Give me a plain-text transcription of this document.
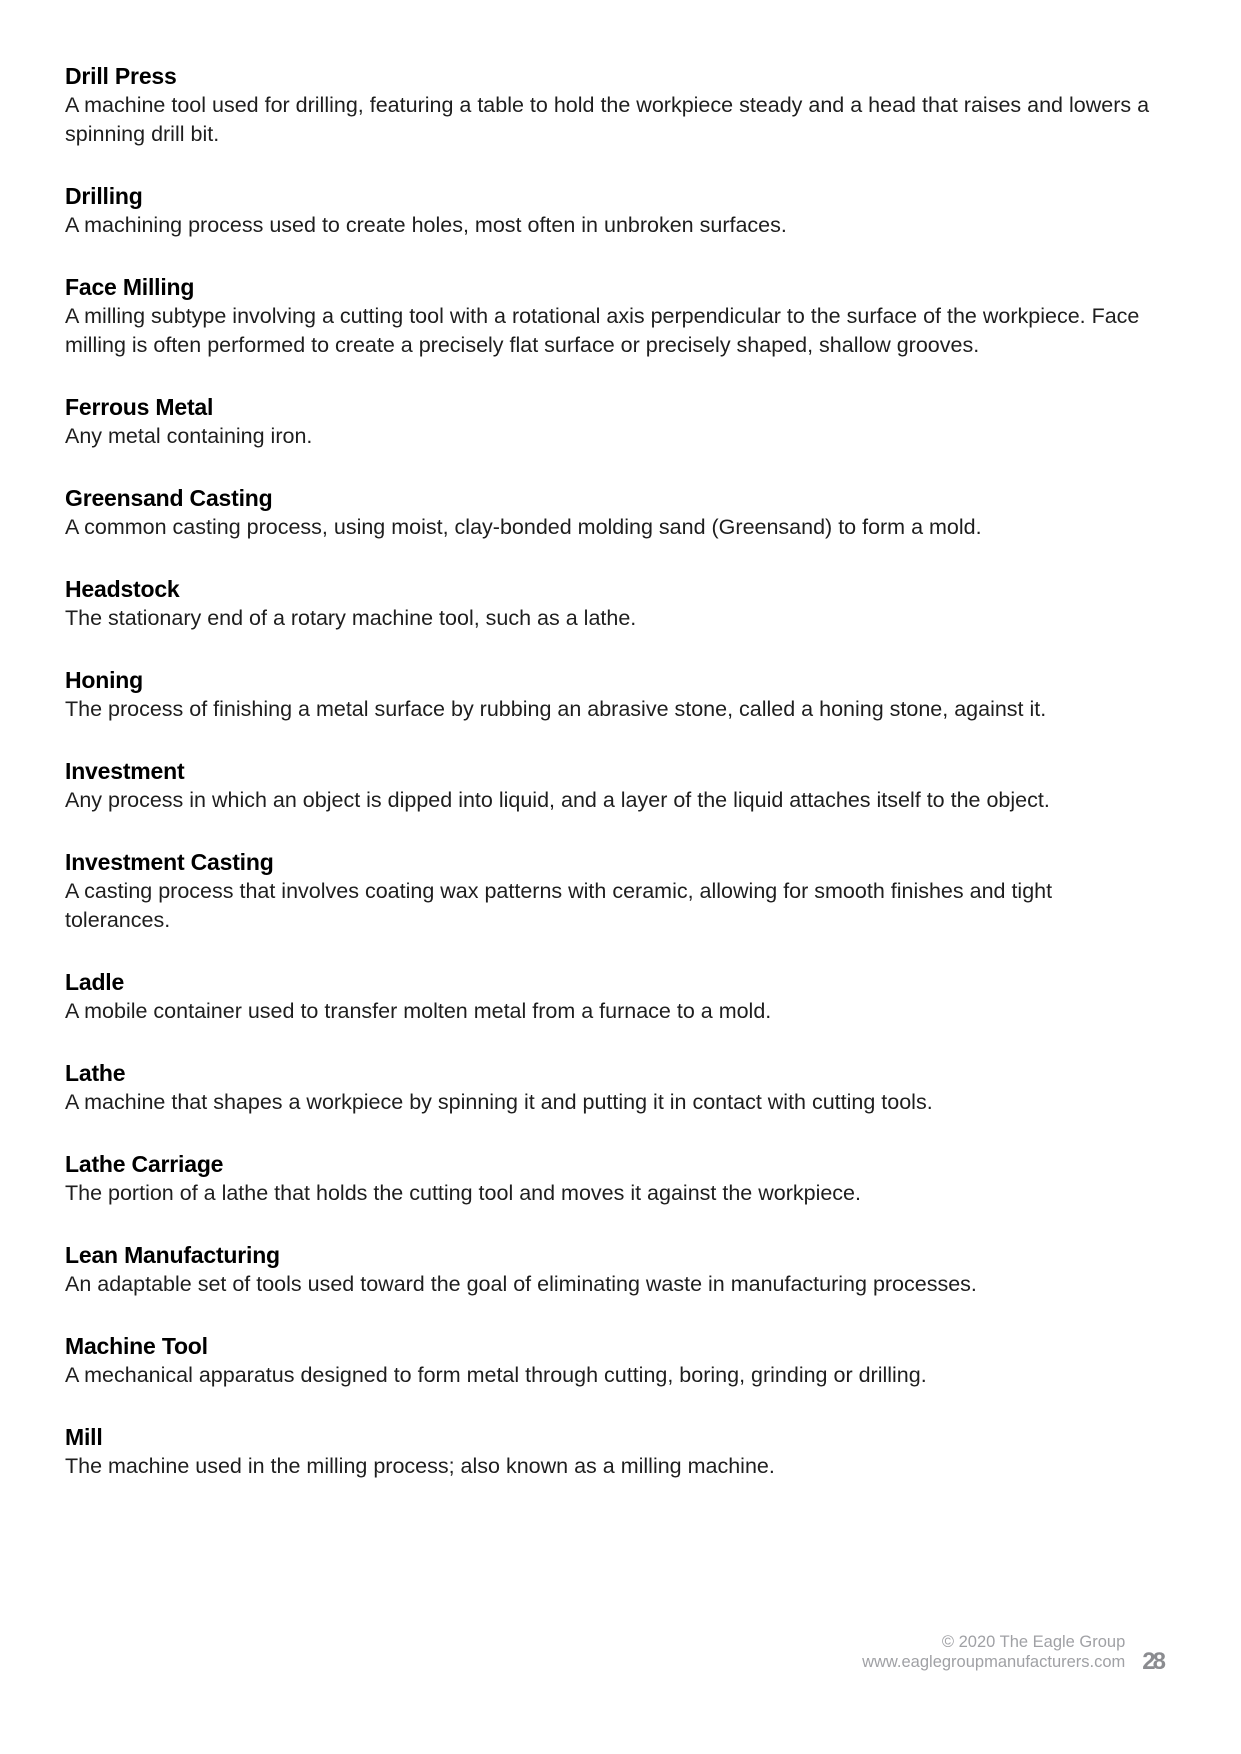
Drill Press

A machine tool used for drilling, featuring a table to hold the workpiece steady and a head that raises and lowers a spinning drill bit.

Drilling

A machining process used to create holes, most often in unbroken surfaces.

Face Milling

A milling subtype involving a cutting tool with a rotational axis perpendicular to the surface of the workpiece. Face milling is often performed to create a precisely flat surface or precisely shaped, shallow grooves.

Ferrous Metal

Any metal containing iron.

Greensand Casting

A common casting process, using moist, clay-bonded molding sand (Greensand) to form a mold.

Headstock

The stationary end of a rotary machine tool, such as a lathe.

Honing

The process of finishing a metal surface by rubbing an abrasive stone, called a honing stone, against it.

Investment

Any process in which an object is dipped into liquid, and a layer of the liquid attaches itself to the object.

Investment Casting

A casting process that involves coating wax patterns with ceramic, allowing for smooth finishes and tight tolerances.

Ladle

A mobile container used to transfer molten metal from a furnace to a mold.

Lathe

A machine that shapes a workpiece by spinning it and putting it in contact with cutting tools.

Lathe Carriage

The portion of a lathe that holds the cutting tool and moves it against the workpiece.

Lean Manufacturing

An adaptable set of tools used toward the goal of eliminating waste in manufacturing processes.

Machine Tool

A mechanical apparatus designed to form metal through cutting, boring, grinding or drilling.

Mill

The machine used in the milling process; also known as a milling machine.

© 2020 The Eagle Group
www.eaglegroupmanufacturers.com 28
